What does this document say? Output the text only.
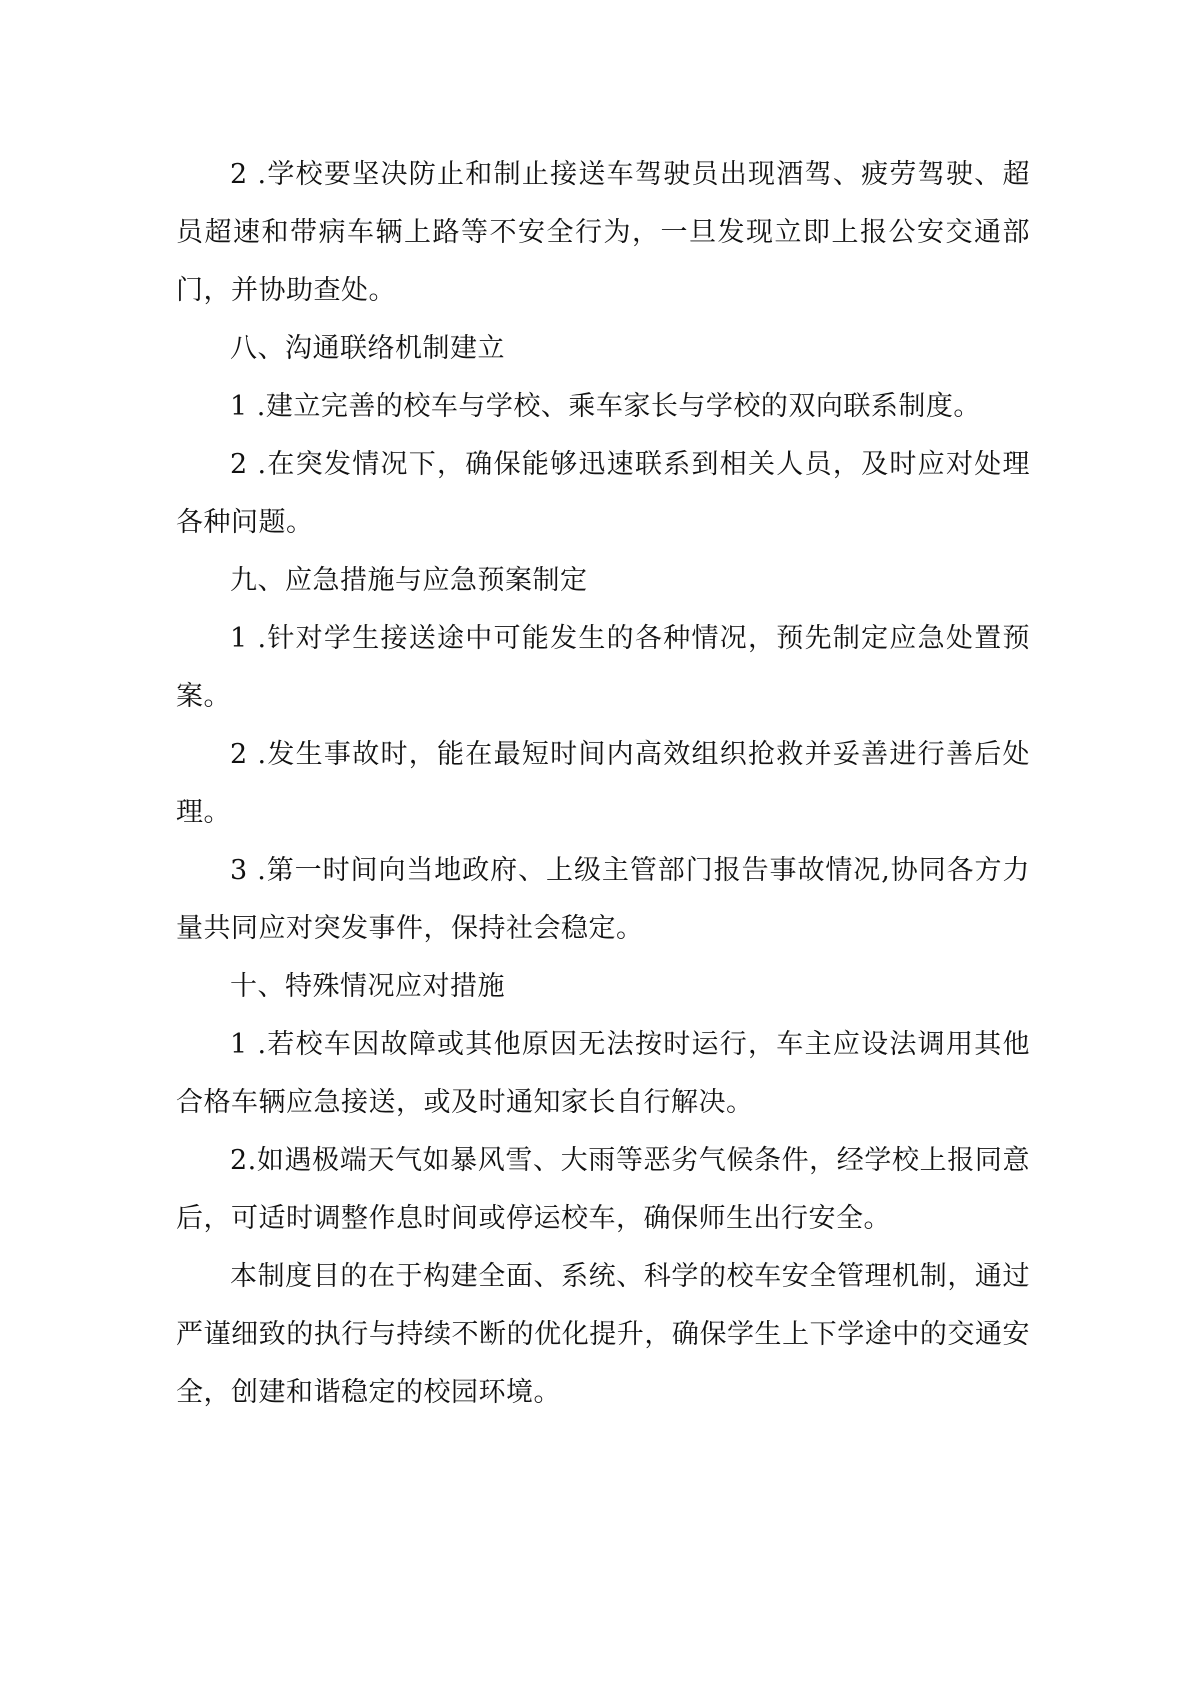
2 .学校要坚决防止和制止接送车驾驶员出现酒驾、疲劳驾驶、超员超速和带病车辆上路等不安全行为，一旦发现立即上报公安交通部门，并协助查处。

八、沟通联络机制建立

1 .建立完善的校车与学校、乘车家长与学校的双向联系制度。

2 .在突发情况下，确保能够迅速联系到相关人员，及时应对处理各种问题。

九、应急措施与应急预案制定

1 .针对学生接送途中可能发生的各种情况，预先制定应急处置预案。

2 .发生事故时，能在最短时间内高效组织抢救并妥善进行善后处理。

3 .第一时间向当地政府、上级主管部门报告事故情况,协同各方力量共同应对突发事件，保持社会稳定。

十、特殊情况应对措施

1 .若校车因故障或其他原因无法按时运行，车主应设法调用其他合格车辆应急接送，或及时通知家长自行解决。

2.如遇极端天气如暴风雪、大雨等恶劣气候条件，经学校上报同意后，可适时调整作息时间或停运校车，确保师生出行安全。

本制度目的在于构建全面、系统、科学的校车安全管理机制，通过严谨细致的执行与持续不断的优化提升，确保学生上下学途中的交通安全，创建和谐稳定的校园环境。
